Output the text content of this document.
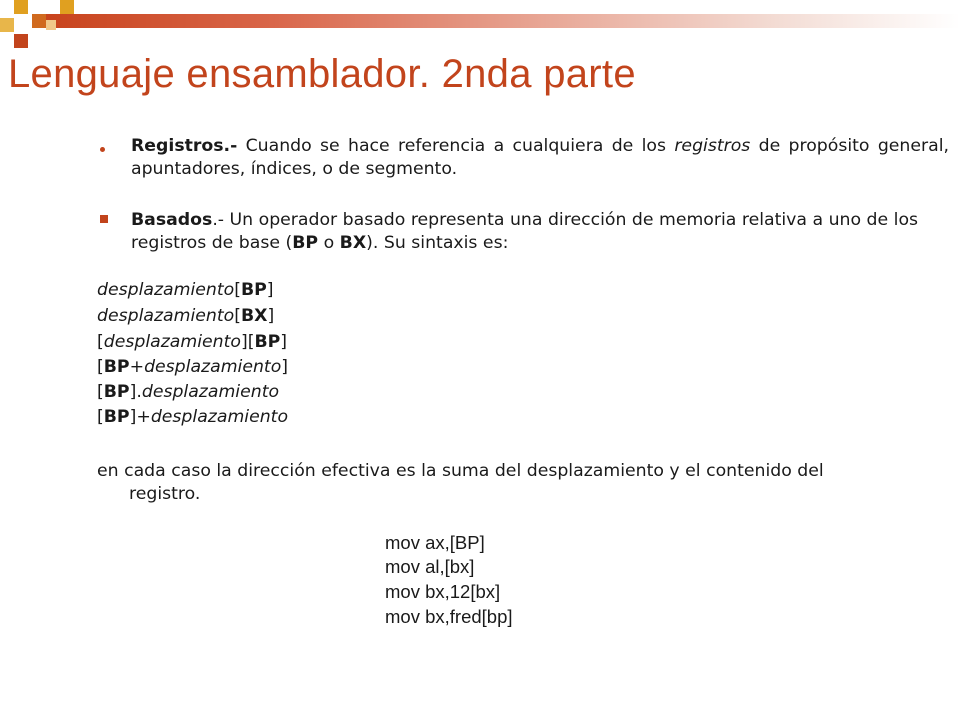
Lenguaje ensamblador. 2nda parte

Registros.- Cuando se hace referencia a cualquiera de los registros de propósito general, apuntadores, índices, o de segmento.

Basados.- Un operador basado representa una dirección de memoria relativa a uno de los registros de base (BP o BX). Su sintaxis es:

desplazamiento[BP]

desplazamiento[BX]

[desplazamiento][BP]

[BP+desplazamiento]

[BP].desplazamiento

[BP]+desplazamiento

en cada caso la dirección efectiva es la suma del desplazamiento y el contenido del registro.

mov ax,[BP]

mov al,[bx]

mov bx,12[bx]

mov bx,fred[bp]
